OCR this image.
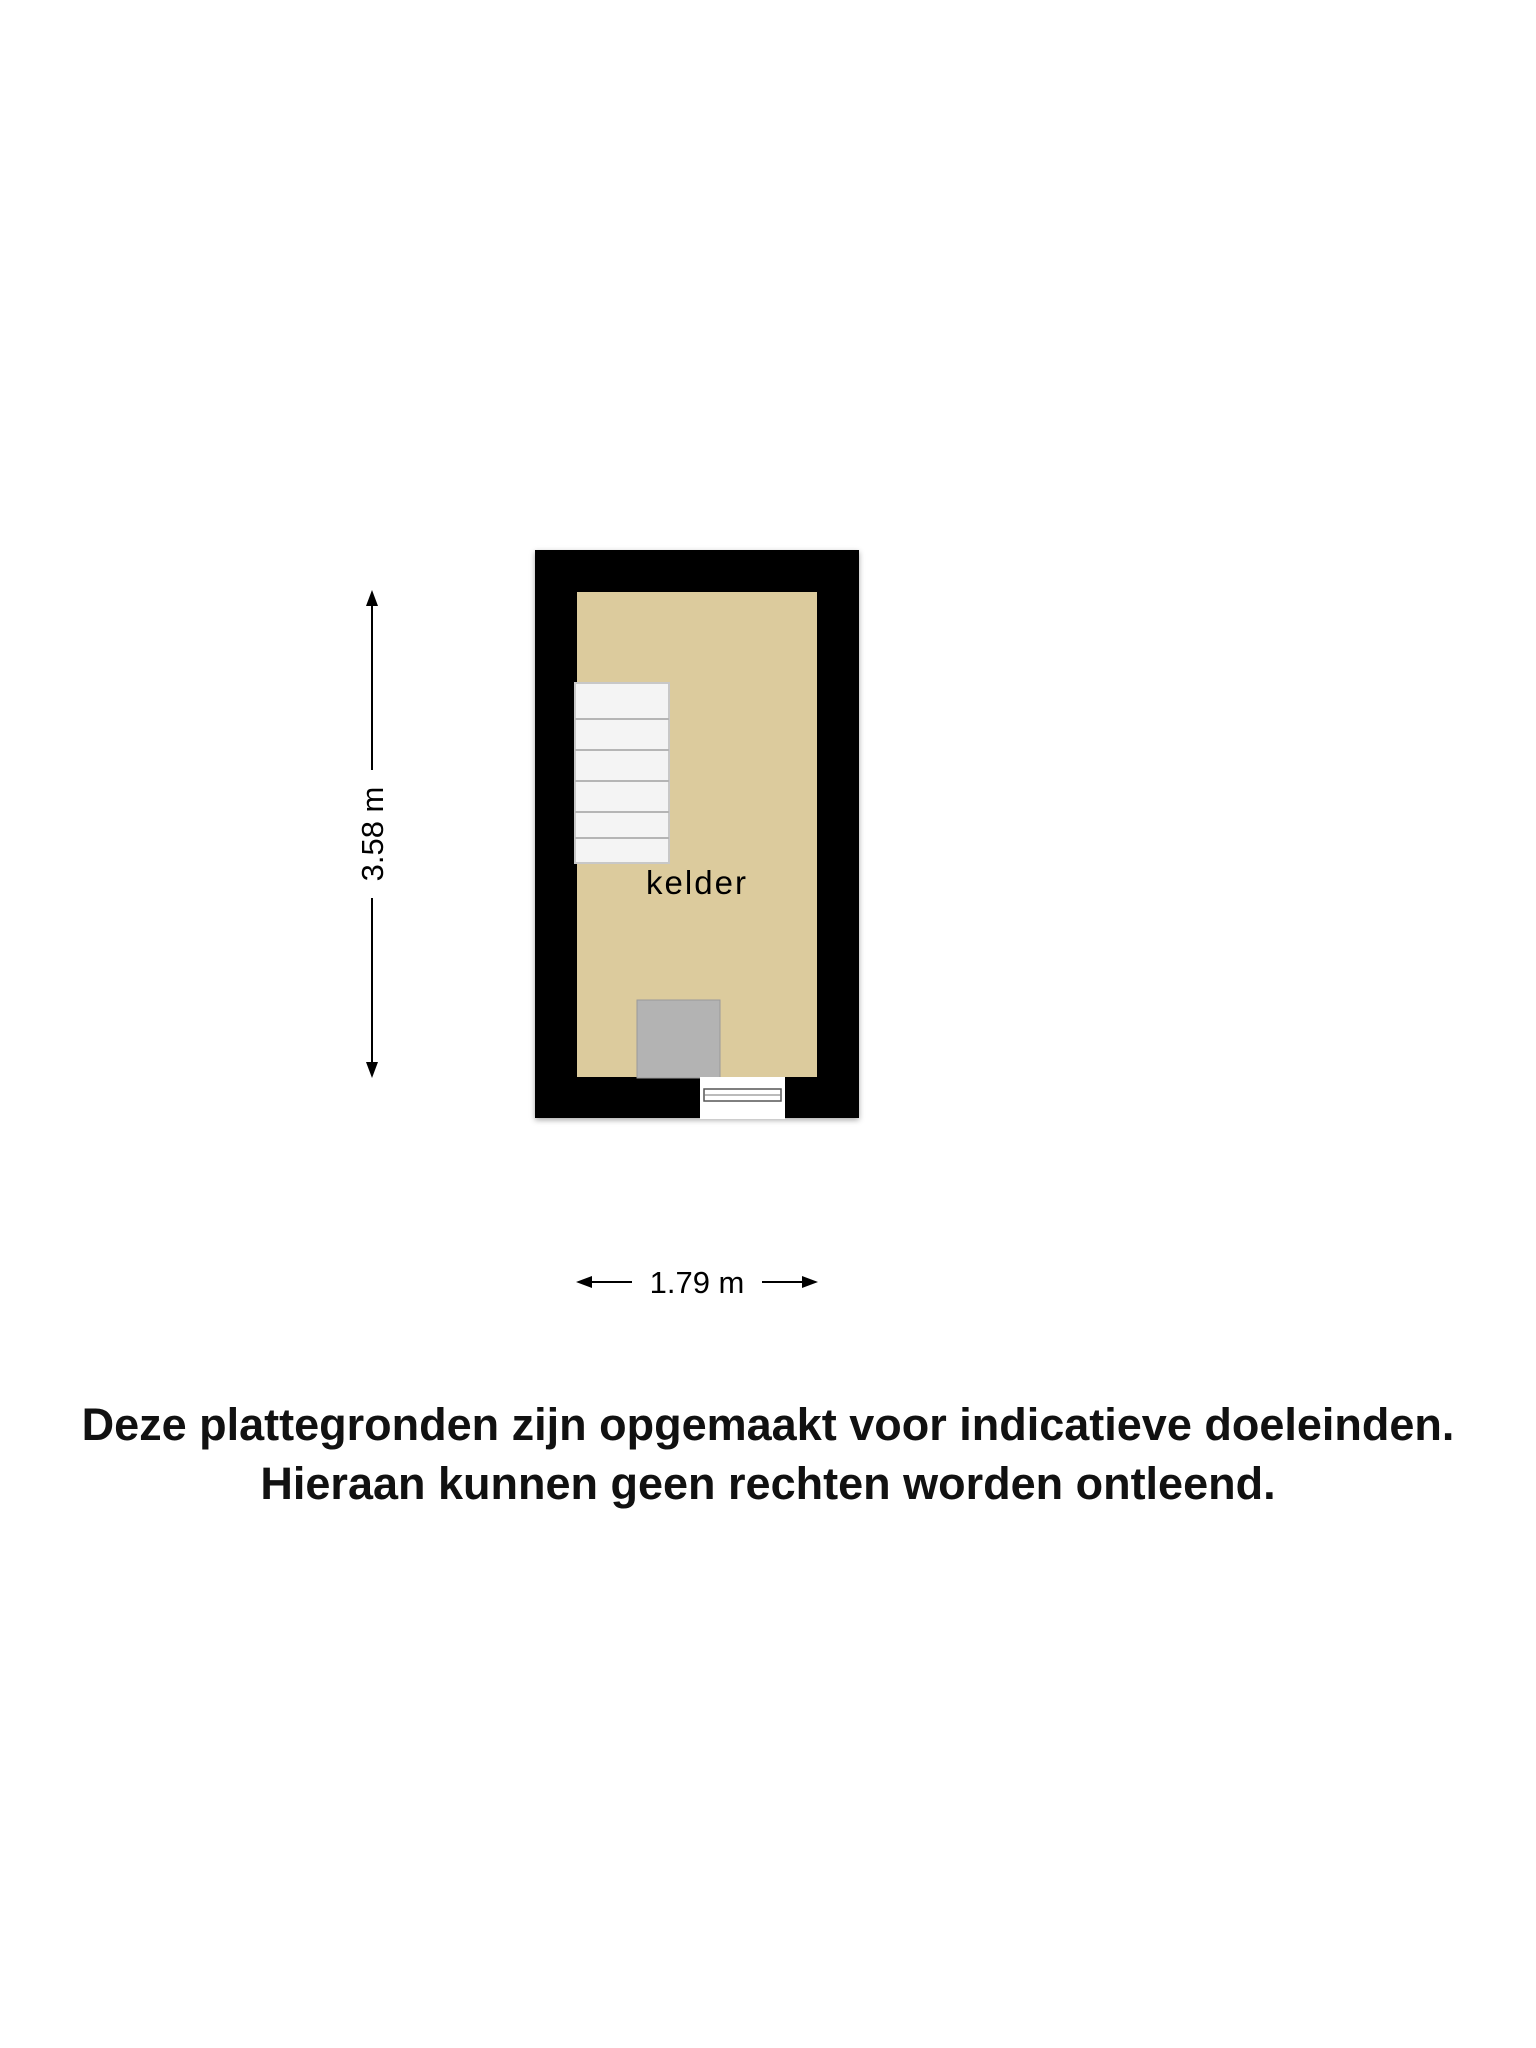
kelder
3.58 m
1.79 m
Deze plattegronden zijn opgemaakt voor indicatieve doeleinden.
Hieraan kunnen geen rechten worden ontleend.
